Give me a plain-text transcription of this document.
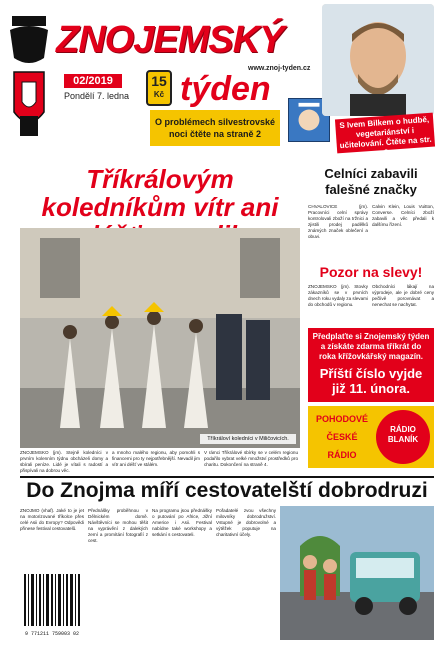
ZNOJEMSKÝ
www.znoj-tyden.cz
02/2019
Pondělí 7. ledna
15
Kč týden
O problémech silvestrovské noci čtěte na straně 2
S Ivem Bilkem o hudbě, vegetariánství i učitelování. Čtěte na str. 2
Tříkrálovým koledníkům vítr ani
Tříkráloví koledníci v Miličovicích.
ZNOJEMSKO (jm). Stejně koledníci v prvním kolenním týdnu obcházeli domy a sbírali peníze. Lidé je vítali s radostí a přispívali na dobrou věc.
a mnoho malého regionu, aby pomohli s financemi pro ty nejpotřebnější. Nevadil jim vítr ani déšť ve stálém.
V rámci Tříkrálové sbírky se v celém regionu podařilo vybrat velké množství prostředků pro charitu. Dokončení na straně 4.
Celníci zabavili falešné značky
CHVALOVICE (jm). Pracovníci celní správy kontrolovali zboží na tržnici a zjistili prodej padělků známých značek oblečení a obuvi.
Calvin Klein, Louis Vuitton, Converse. Celníci zboží zabavili a věc předali k dalšímu řízení.
Pozor na slevy!
ZNOJEMSKO (jm). Stovky zákazníků se v prvních dnech roku vydaly za slevami do obchodů v regionu.
Obchodníci lákají na výprodeje, ale je dobré ceny pečlivě porovnávat a nenechat se nachytat.
Předplaťte si Znojemský týden a získáte zdarma tříkrát do roka křížovkářský magazín.
Příští číslo vyjde již 11. února.
POHODOVÉ
ČESKÉ
RÁDIO
RÁDIO
BLANÍK
Do Znojma míří cestovatelští dobrodruzi
ZNOJMO (vhaf). Jaké to je jet na motorizované tříkolce přes celé Asii do Evropy? Odpovědi přinese festival cestovatelů.
Přednášky proběhnou v Dělnickém domě. Návštěvníci se mohou těšit na vyprávění z dalekých zemí a promítání fotografií z cest.
Na programu jsou přednášky o putování po Africe, Jižní Americe i Asii. Festival nabídne také workshopy a setkání s cestovateli.
Pořadatelé zvou všechny milovníky dobrodružství. Vstupné je dobrovolné a výtěžek poputuje na charitativní účely.
9 771211 759003 02
